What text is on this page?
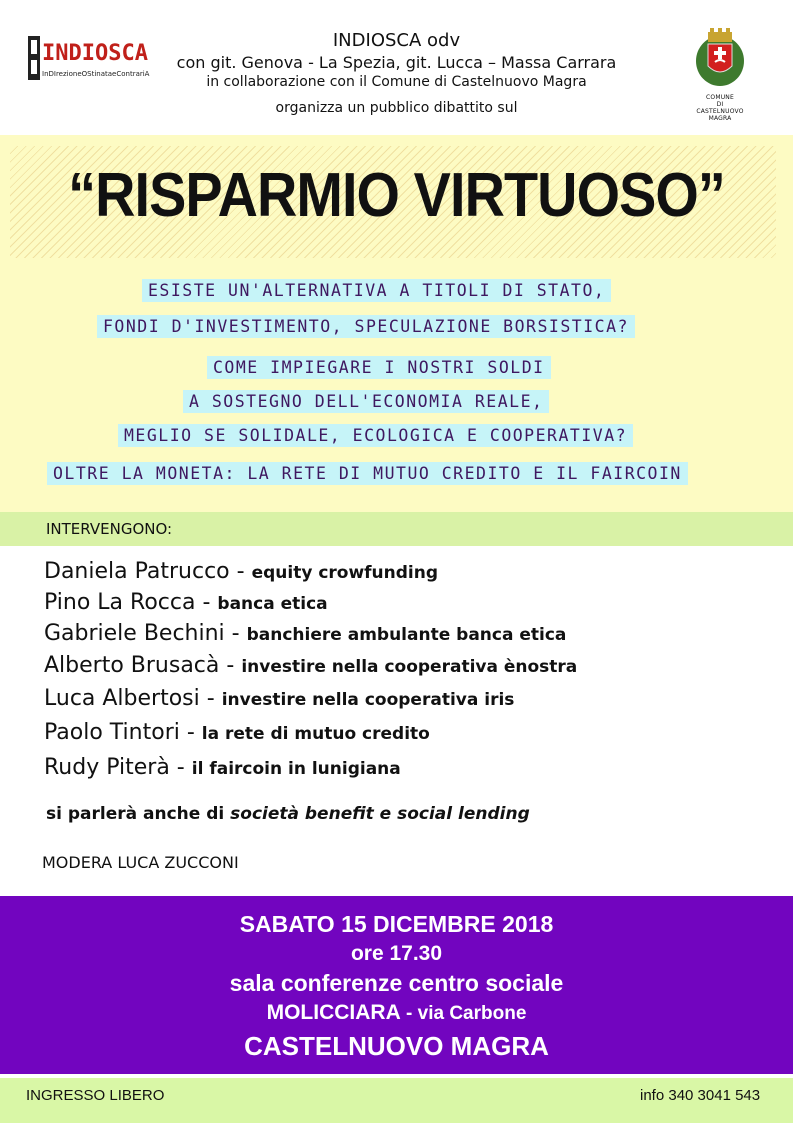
INDIOSCA
InDIrezioneOStinataeContrariA
INDIOSCA odv
con git. Genova - La Spezia, git. Lucca – Massa Carrara
in collaborazione con il Comune di Castelnuovo Magra
organizza un pubblico dibattito sul
COMUNE
DI
CASTELNUOVO MAGRA
“RISPARMIO VIRTUOSO”
ESISTE UN'ALTERNATIVA A TITOLI DI STATO,
FONDI D'INVESTIMENTO, SPECULAZIONE BORSISTICA?
COME IMPIEGARE I NOSTRI SOLDI
A SOSTEGNO DELL'ECONOMIA REALE,
MEGLIO SE SOLIDALE, ECOLOGICA E COOPERATIVA?
OLTRE LA MONETA: LA RETE DI MUTUO CREDITO E IL FAIRCOIN
INTERVENGONO:
Daniela Patrucco - equity crowfunding
Pino La Rocca - banca etica
Gabriele Bechini - banchiere ambulante banca etica
Alberto Brusacà - investire nella cooperativa ènostra
Luca Albertosi - investire nella cooperativa iris
Paolo Tintori - la rete di mutuo credito
Rudy Piterà - il faircoin in lunigiana
si parlerà anche di società benefit e social lending
MODERA LUCA ZUCCONI
SABATO 15 DICEMBRE 2018
ore 17.30
sala conferenze centro sociale
MOLICCIARA - via Carbone
CASTELNUOVO MAGRA
INGRESSO LIBERO	info 340 3041 543
